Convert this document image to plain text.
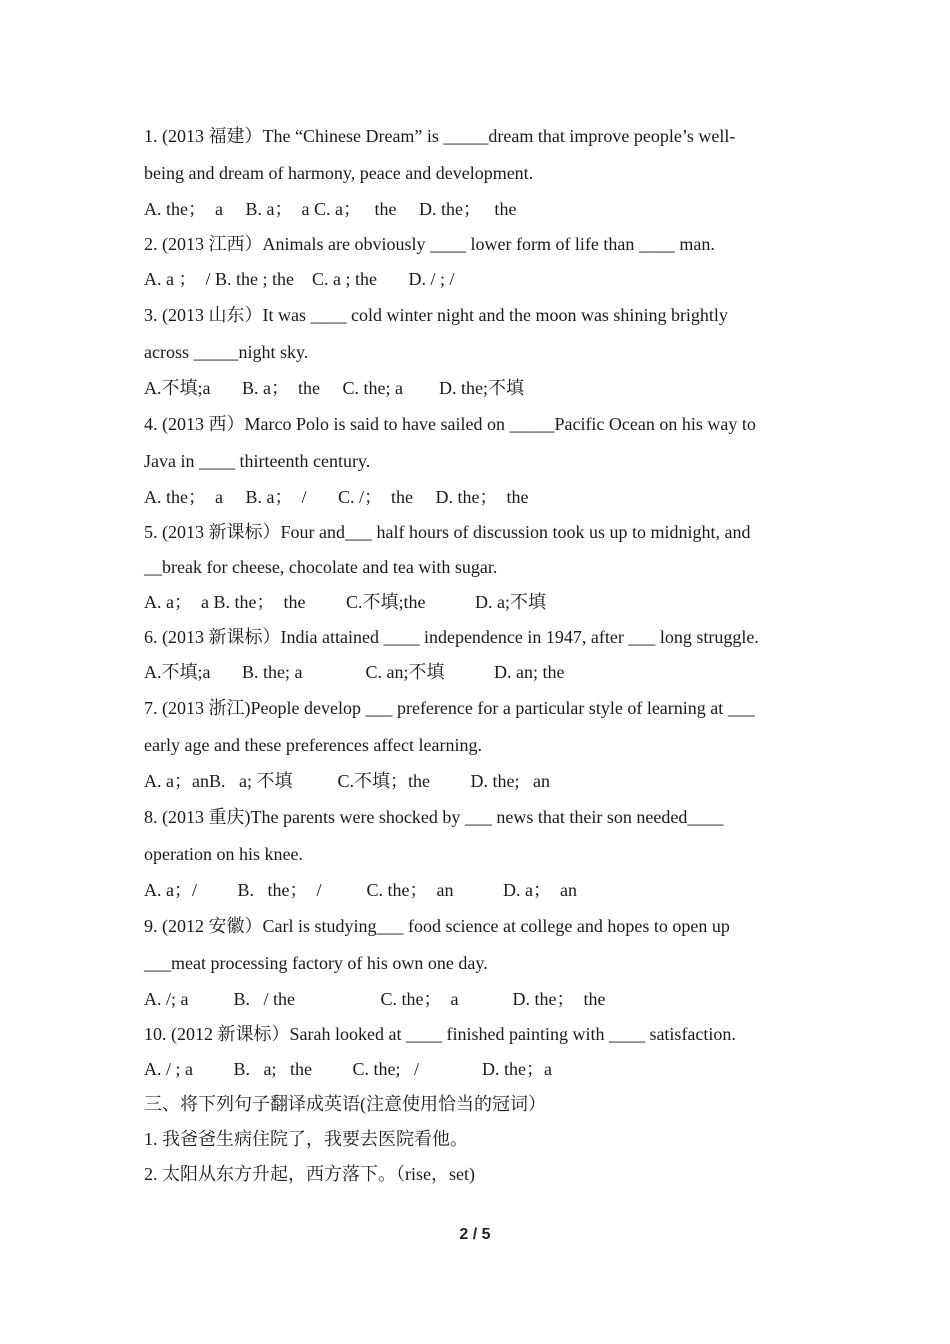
1. (2013 福建）The “Chinese Dream” is _____dream that improve people’s well-
being and dream of harmony, peace and development.
A. the；  a     B. a；  a C. a；   the     D. the；   the
2. (2013 江西）Animals are obviously ____ lower form of life than ____ man.
A. a ；  / B. the ; the    C. a ; the       D. / ; /
3. (2013 山东）It was ____ cold winter night and the moon was shining brightly
across _____night sky.
A.不填;a       B. a；  the     C. the; a        D. the;不填
4. (2013 西）Marco Polo is said to have sailed on _____Pacific Ocean on his way to
Java in ____ thirteenth century.
A. the；  a     B. a；  /       C. /；  the     D. the；  the
5. (2013 新课标）Four and___ half hours of discussion took us up to midnight, and
__break for cheese, chocolate and tea with sugar.
A. a；  a B. the；  the         C.不填;the           D. a;不填
6. (2013 新课标）India attained ____ independence in 1947, after ___ long struggle.
A.不填;a       B. the; a              C. an;不填           D. an; the
7. (2013 浙江)People develop ___ preference for a particular style of learning at ___
early age and these preferences affect learning.
A. a；anB.   a; 不填          C.不填；the         D. the;   an
8. (2013 重庆)The parents were shocked by ___ news that their son needed____
operation on his knee.
A. a；/         B.   the；  /          C. the；  an           D. a；  an
9. (2012 安徽）Carl is studying___ food science at college and hopes to open up
___meat processing factory of his own one day.
A. /; a          B.   / the                   C. the；  a            D. the；  the
10. (2012 新课标）Sarah looked at ____ finished painting with ____ satisfaction.
A. / ; a         B.   a;   the         C. the;   /              D. the；a
三、将下列句子翻译成英语(注意使用恰当的冠词）
1. 我爸爸生病住院了，我要去医院看他。
2. 太阳从东方升起，西方落下。（rise，set)
2 / 5
